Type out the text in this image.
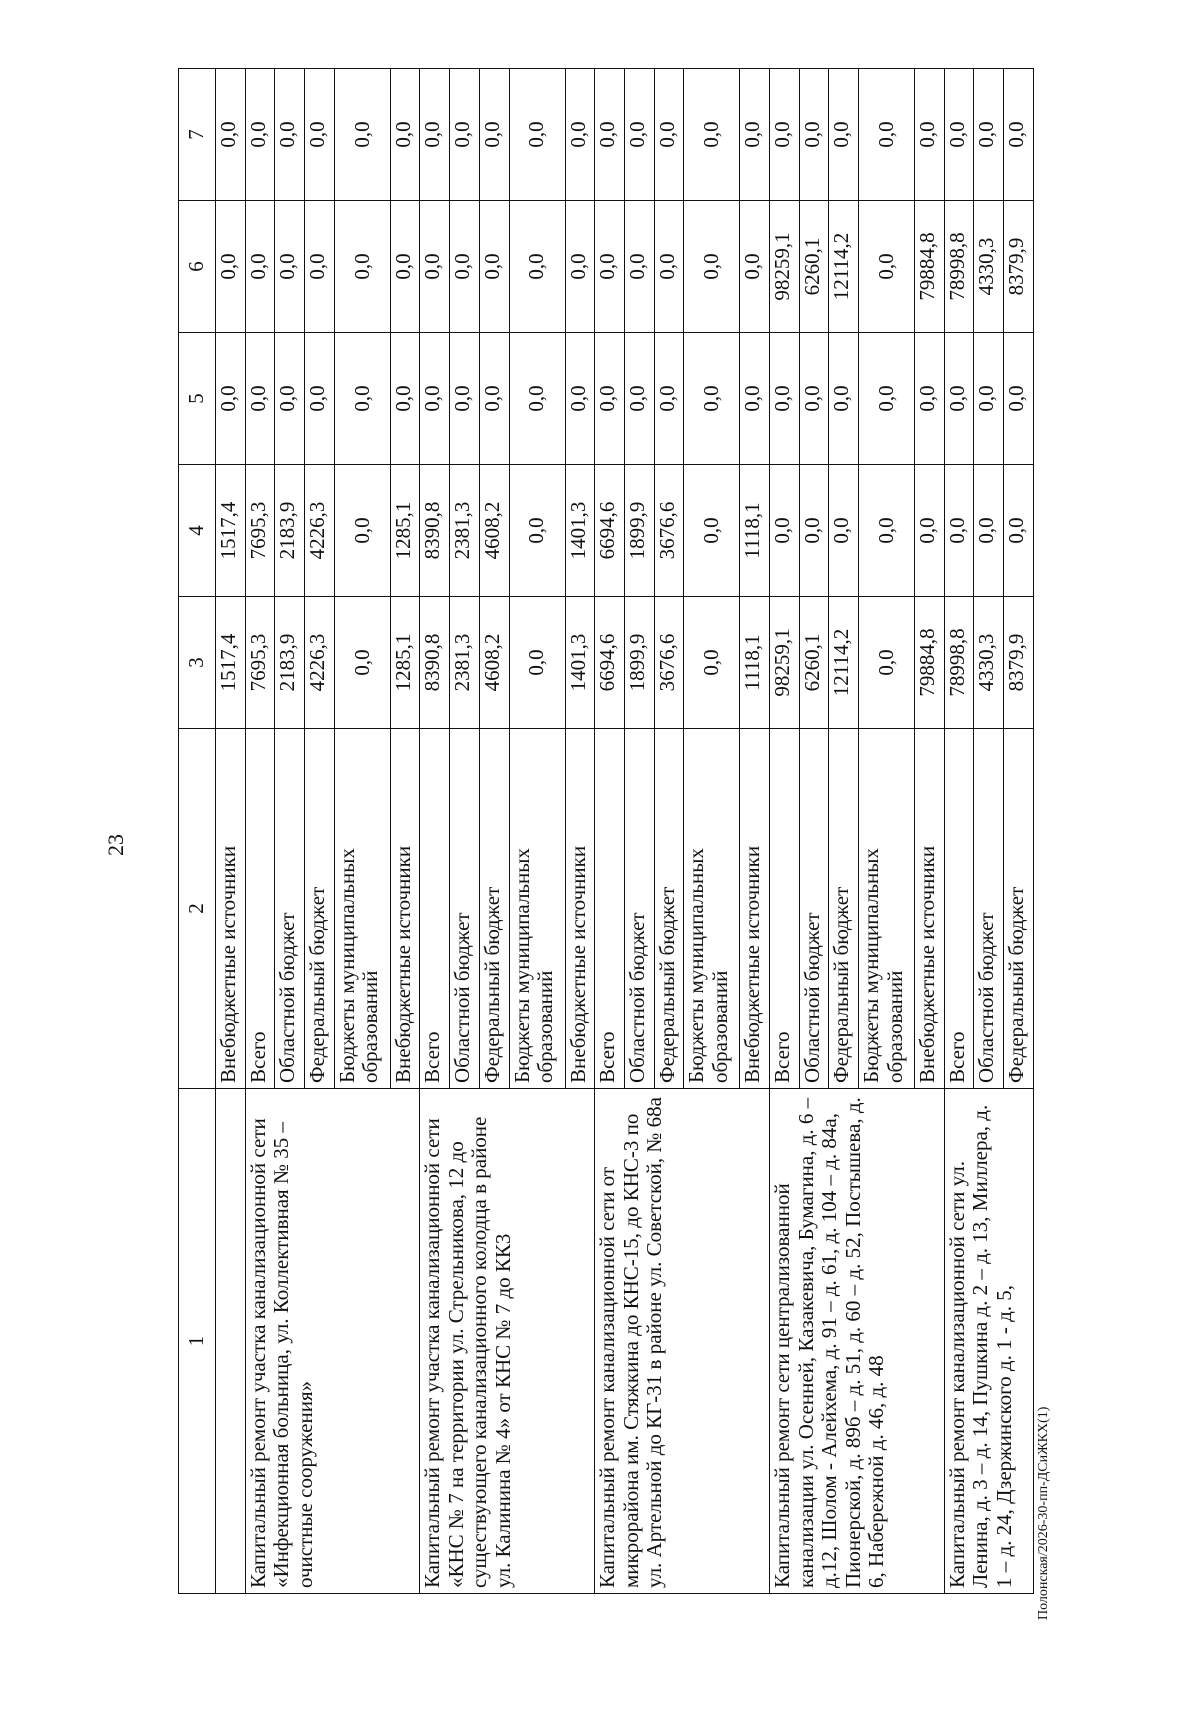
23
1	2	3	4	5	6	7
	Внебюджетные источники	1517,4	1517,4	0,0	0,0	0,0
Капитальный ремонт участка канализационной сети «Инфекционная больница, ул. Коллективная № 35 – очистные сооружения»	Всего	7695,3	7695,3	0,0	0,0	0,0
	Областной бюджет	2183,9	2183,9	0,0	0,0	0,0
	Федеральный бюджет	4226,3	4226,3	0,0	0,0	0,0
	Бюджеты муниципальных образований	0,0	0,0	0,0	0,0	0,0
	Внебюджетные источники	1285,1	1285,1	0,0	0,0	0,0
Капитальный ремонт участка канализационной сети «КНС № 7 на территории ул. Стрельникова, 12 до существующего канализационного колодца в районе ул. Калинина № 4» от КНС № 7 до КК3	Всего	8390,8	8390,8	0,0	0,0	0,0
	Областной бюджет	2381,3	2381,3	0,0	0,0	0,0
	Федеральный бюджет	4608,2	4608,2	0,0	0,0	0,0
	Бюджеты муниципальных образований	0,0	0,0	0,0	0,0	0,0
	Внебюджетные источники	1401,3	1401,3	0,0	0,0	0,0
Капитальный ремонт канализационной сети от микрорайона им. Стяжкина до КНС-15, до КНС-3 по ул. Артельной до КГ-31 в районе ул. Советской, № 68а	Всего	6694,6	6694,6	0,0	0,0	0,0
	Областной бюджет	1899,9	1899,9	0,0	0,0	0,0
	Федеральный бюджет	3676,6	3676,6	0,0	0,0	0,0
	Бюджеты муниципальных образований	0,0	0,0	0,0	0,0	0,0
	Внебюджетные источники	1118,1	1118,1	0,0	0,0	0,0
Капитальный ремонт сети централизованной канализации ул. Осенней, Казакевича, Бумагина, д. 6 – д.12, Шолом - Алейхема, д. 91 – д. 61, д. 104 – д. 84а, Пионерской, д. 89б – д. 51, д. 60 – д. 52, Постышева, д. 6, Набережной д. 46, д. 48	Всего	98259,1	0,0	0,0	98259,1	0,0
	Областной бюджет	6260,1	0,0	0,0	6260,1	0,0
	Федеральный бюджет	12114,2	0,0	0,0	12114,2	0,0
	Бюджеты муниципальных образований	0,0	0,0	0,0	0,0	0,0
	Внебюджетные источники	79884,8	0,0	0,0	79884,8	0,0
Капитальный ремонт канализационной сети ул. Ленина, д. 3 – д. 14, Пушкина д. 2 – д. 13, Миллера, д. 1 – д. 24, Дзержинского д. 1 - д. 5,	Всего	78998,8	0,0	0,0	78998,8	0,0
	Областной бюджет	4330,3	0,0	0,0	4330,3	0,0
	Федеральный бюджет	8379,9	0,0	0,0	8379,9	0,0
Полонская/2026-30-пп-ДСиЖКХ(1)
